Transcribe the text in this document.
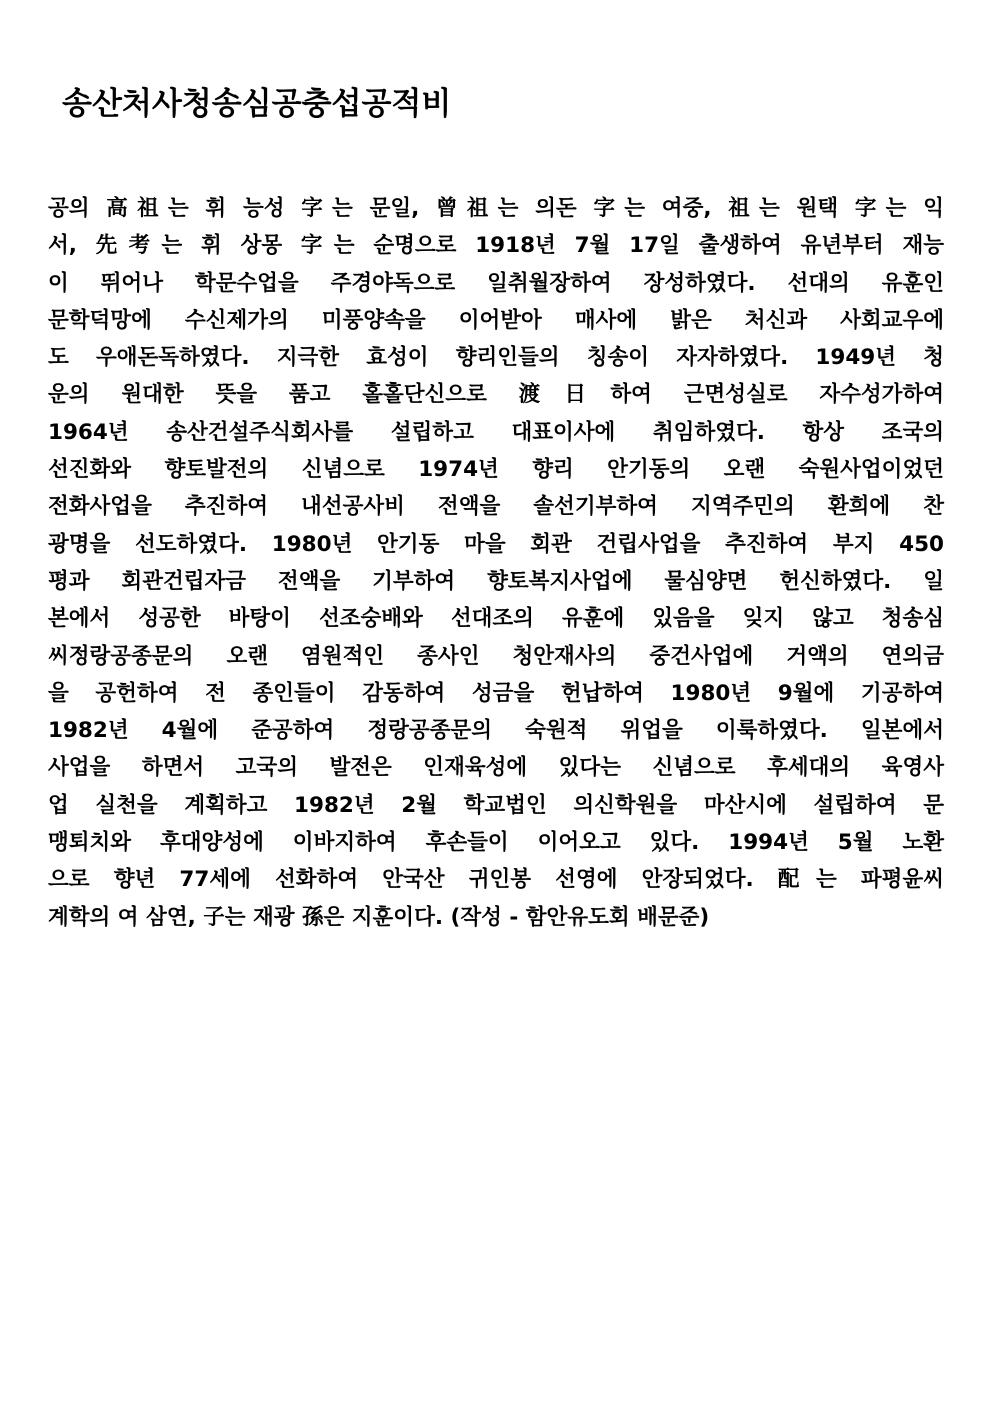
송산처사청송심공충섭공적비
공의 高祖는 휘 능성 字는 문일, 曾祖는 의돈 字는 여중, 祖는 원택 字는 익
서, 先考는 휘 상몽 字는 순명으로 1918년 7월 17일 출생하여 유년부터 재능
이 뛰어나 학문수업을 주경야독으로 일취월장하여 장성하였다. 선대의 유훈인
문학덕망에 수신제가의 미풍양속을 이어받아 매사에 밝은 처신과 사회교우에
도 우애돈독하였다. 지극한 효성이 향리인들의 칭송이 자자하였다. 1949년 청
운의 원대한 뜻을 품고 홀홀단신으로 渡日하여 근면성실로 자수성가하여
1964년 송산건설주식회사를 설립하고 대표이사에 취임하였다. 항상 조국의
선진화와 향토발전의 신념으로 1974년 향리 안기동의 오랜 숙원사업이었던
전화사업을 추진하여 내선공사비 전액을 솔선기부하여 지역주민의 환희에 찬
광명을 선도하였다. 1980년 안기동 마을 회관 건립사업을 추진하여 부지 450
평과 회관건립자금 전액을 기부하여 향토복지사업에 물심양면 헌신하였다. 일
본에서 성공한 바탕이 선조숭배와 선대조의 유훈에 있음을 잊지 않고 청송심
씨정랑공종문의 오랜 염원적인 종사인 청안재사의 중건사업에 거액의 연의금
을 공헌하여 전 종인들이 감동하여 성금을 헌납하여 1980년 9월에 기공하여
1982년 4월에 준공하여 정랑공종문의 숙원적 위업을 이룩하였다. 일본에서
사업을 하면서 고국의 발전은 인재육성에 있다는 신념으로 후세대의 육영사
업 실천을 계획하고 1982년 2월 학교법인 의신학원을 마산시에 설립하여 문
맹퇴치와 후대양성에 이바지하여 후손들이 이어오고 있다. 1994년 5월 노환
으로 향년 77세에 선화하여 안국산 귀인봉 선영에 안장되었다. 配는 파평윤씨
계학의 여 삼연, 子는 재광 孫은 지훈이다. (작성 - 함안유도회 배문준)
